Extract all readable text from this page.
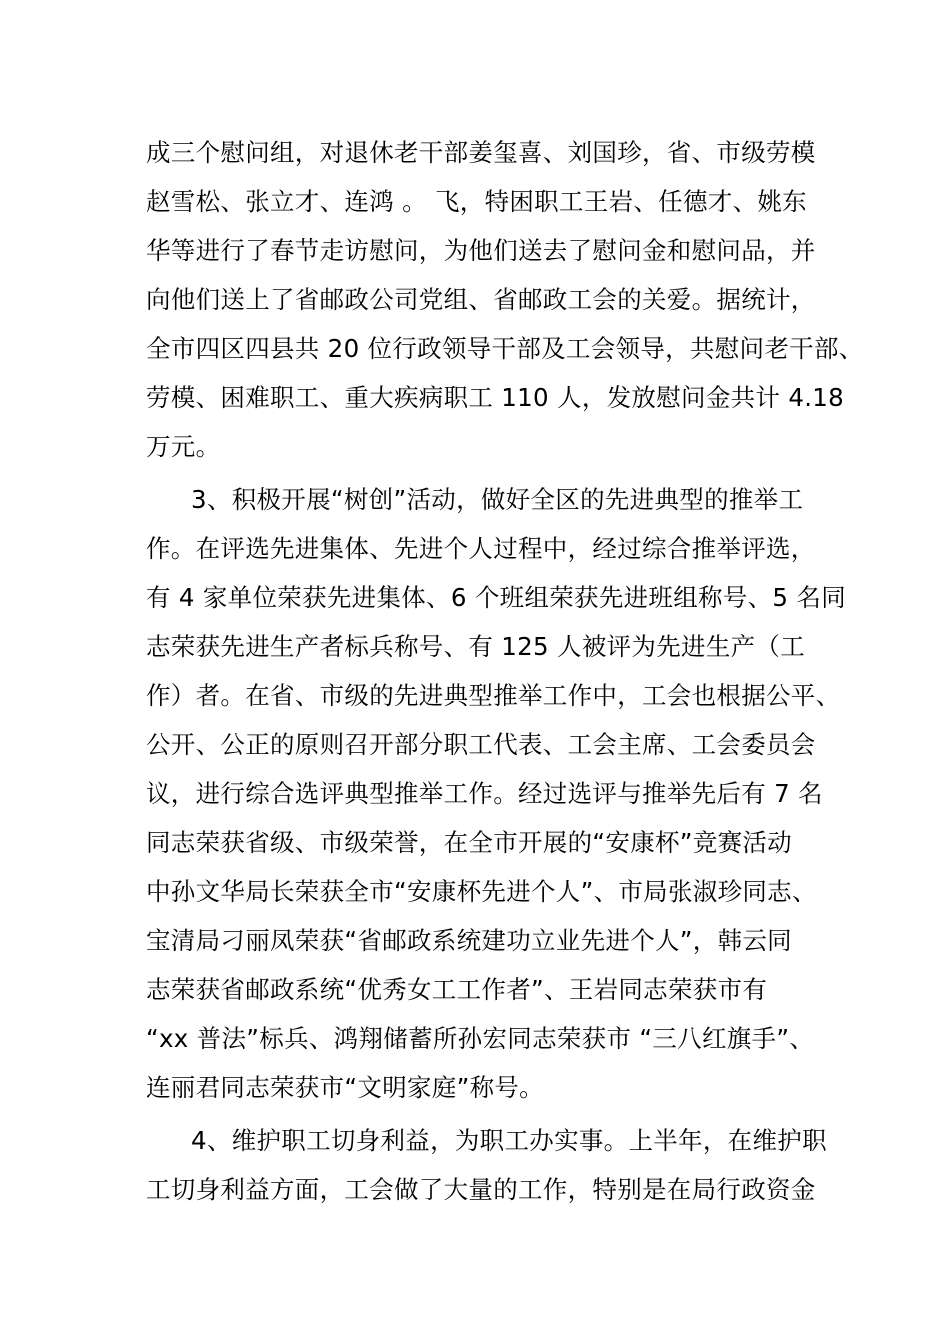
成三个慰问组，对退休老干部姜玺喜、刘国珍，省、市级劳模
赵雪松、张立才、连鸿 。 飞，特困职工王岩、任德才、姚东
华等进行了春节走访慰问，为他们送去了慰问金和慰问品，并
向他们送上了省邮政公司党组、省邮政工会的关爱。据统计，
全市四区四县共 20 位行政领导干部及工会领导，共慰问老干部、
劳模、困难职工、重大疾病职工 110 人，发放慰问金共计 4.18
万元。
3、积极开展“树创”活动，做好全区的先进典型的推举工
作。在评选先进集体、先进个人过程中，经过综合推举评选，
有 4 家单位荣获先进集体、6 个班组荣获先进班组称号、5 名同
志荣获先进生产者标兵称号、有 125 人被评为先进生产（工
作）者。在省、市级的先进典型推举工作中，工会也根据公平、
公开、公正的原则召开部分职工代表、工会主席、工会委员会
议，进行综合选评典型推举工作。经过选评与推举先后有 7 名
同志荣获省级、市级荣誉，在全市开展的“安康杯”竞赛活动
中孙文华局长荣获全市“安康杯先进个人”、市局张淑珍同志、
宝清局刁丽凤荣获“省邮政系统建功立业先进个人”，韩云同
志荣获省邮政系统“优秀女工工作者”、王岩同志荣获市有
“xx 普法”标兵、鸿翔储蓄所孙宏同志荣获市 “三八红旗手”、
连丽君同志荣获市“文明家庭”称号。
4、维护职工切身利益，为职工办实事。上半年，在维护职
工切身利益方面，工会做了大量的工作，特别是在局行政资金
